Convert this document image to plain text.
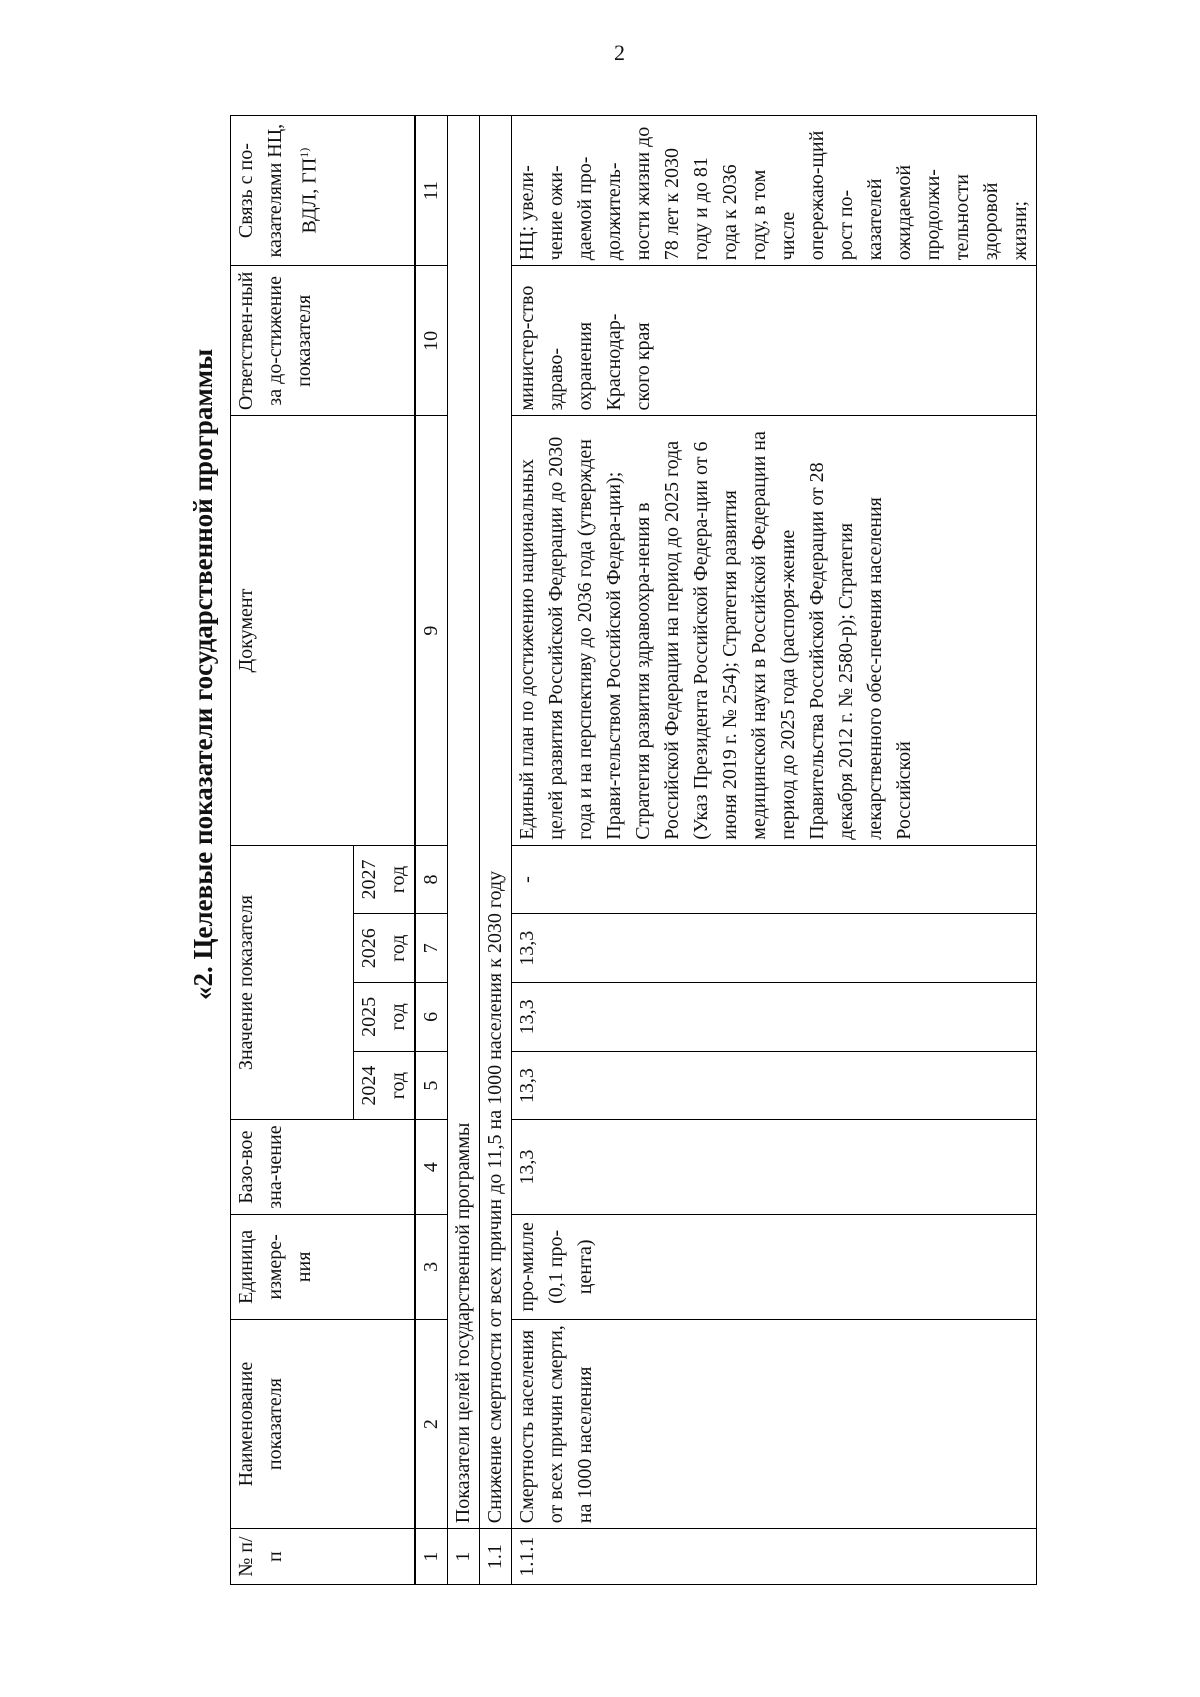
2
«2. Целевые показатели государственной программы
№ п/п	Наименование показателя	Единица измере-ния	Базо-вое зна-чение	Значение показателя				Документ	Ответствен-ный за до-стижение показателя	Связь с по-казателями НЦ, ВДЛ, ГП$^{1)}$
				2024 год	2025 год	2026 год	2027 год			
1	2	3	4	5	6	7	8	9	10	11
1	Показатели целей государственной программы									
1.1	Снижение смертности от всех причин до 11,5 на 1000 населения к 2030 году									
1.1.1	Смертность населения от всех причин смерти, на 1000 населения	про-милле (0,1 про-цента)	13,3	13,3	13,3	13,3	-	Единый план по достижению национальных целей развития Российской Федерации до 2030 года и на перспективу до 2036 года (утвержден Прави-тельством Российской Федера-ции); Стратегия развития здравоохра-нения в Российской Федерации на период до 2025 года (Указ Президента Российской Федера-ции от 6 июня 2019 г. № 254); Стратегия развития медицинской науки в Российской Федерации на период до 2025 года (распоря-жение Правительства Российской Федерации от 28 декабря 2012 г. № 2580-р); Стратегия лекарственного обес-печения населения Российской	министер-ство здраво-охранения Краснодар-ского края	НЦ: увели-чение ожи-даемой про-должитель-ности жизни до 78 лет к 2030 году и до 81 года к 2036 году, в том числе опережаю-щий рост по-казателей ожидаемой продолжи-тельности здоровой жизни;
